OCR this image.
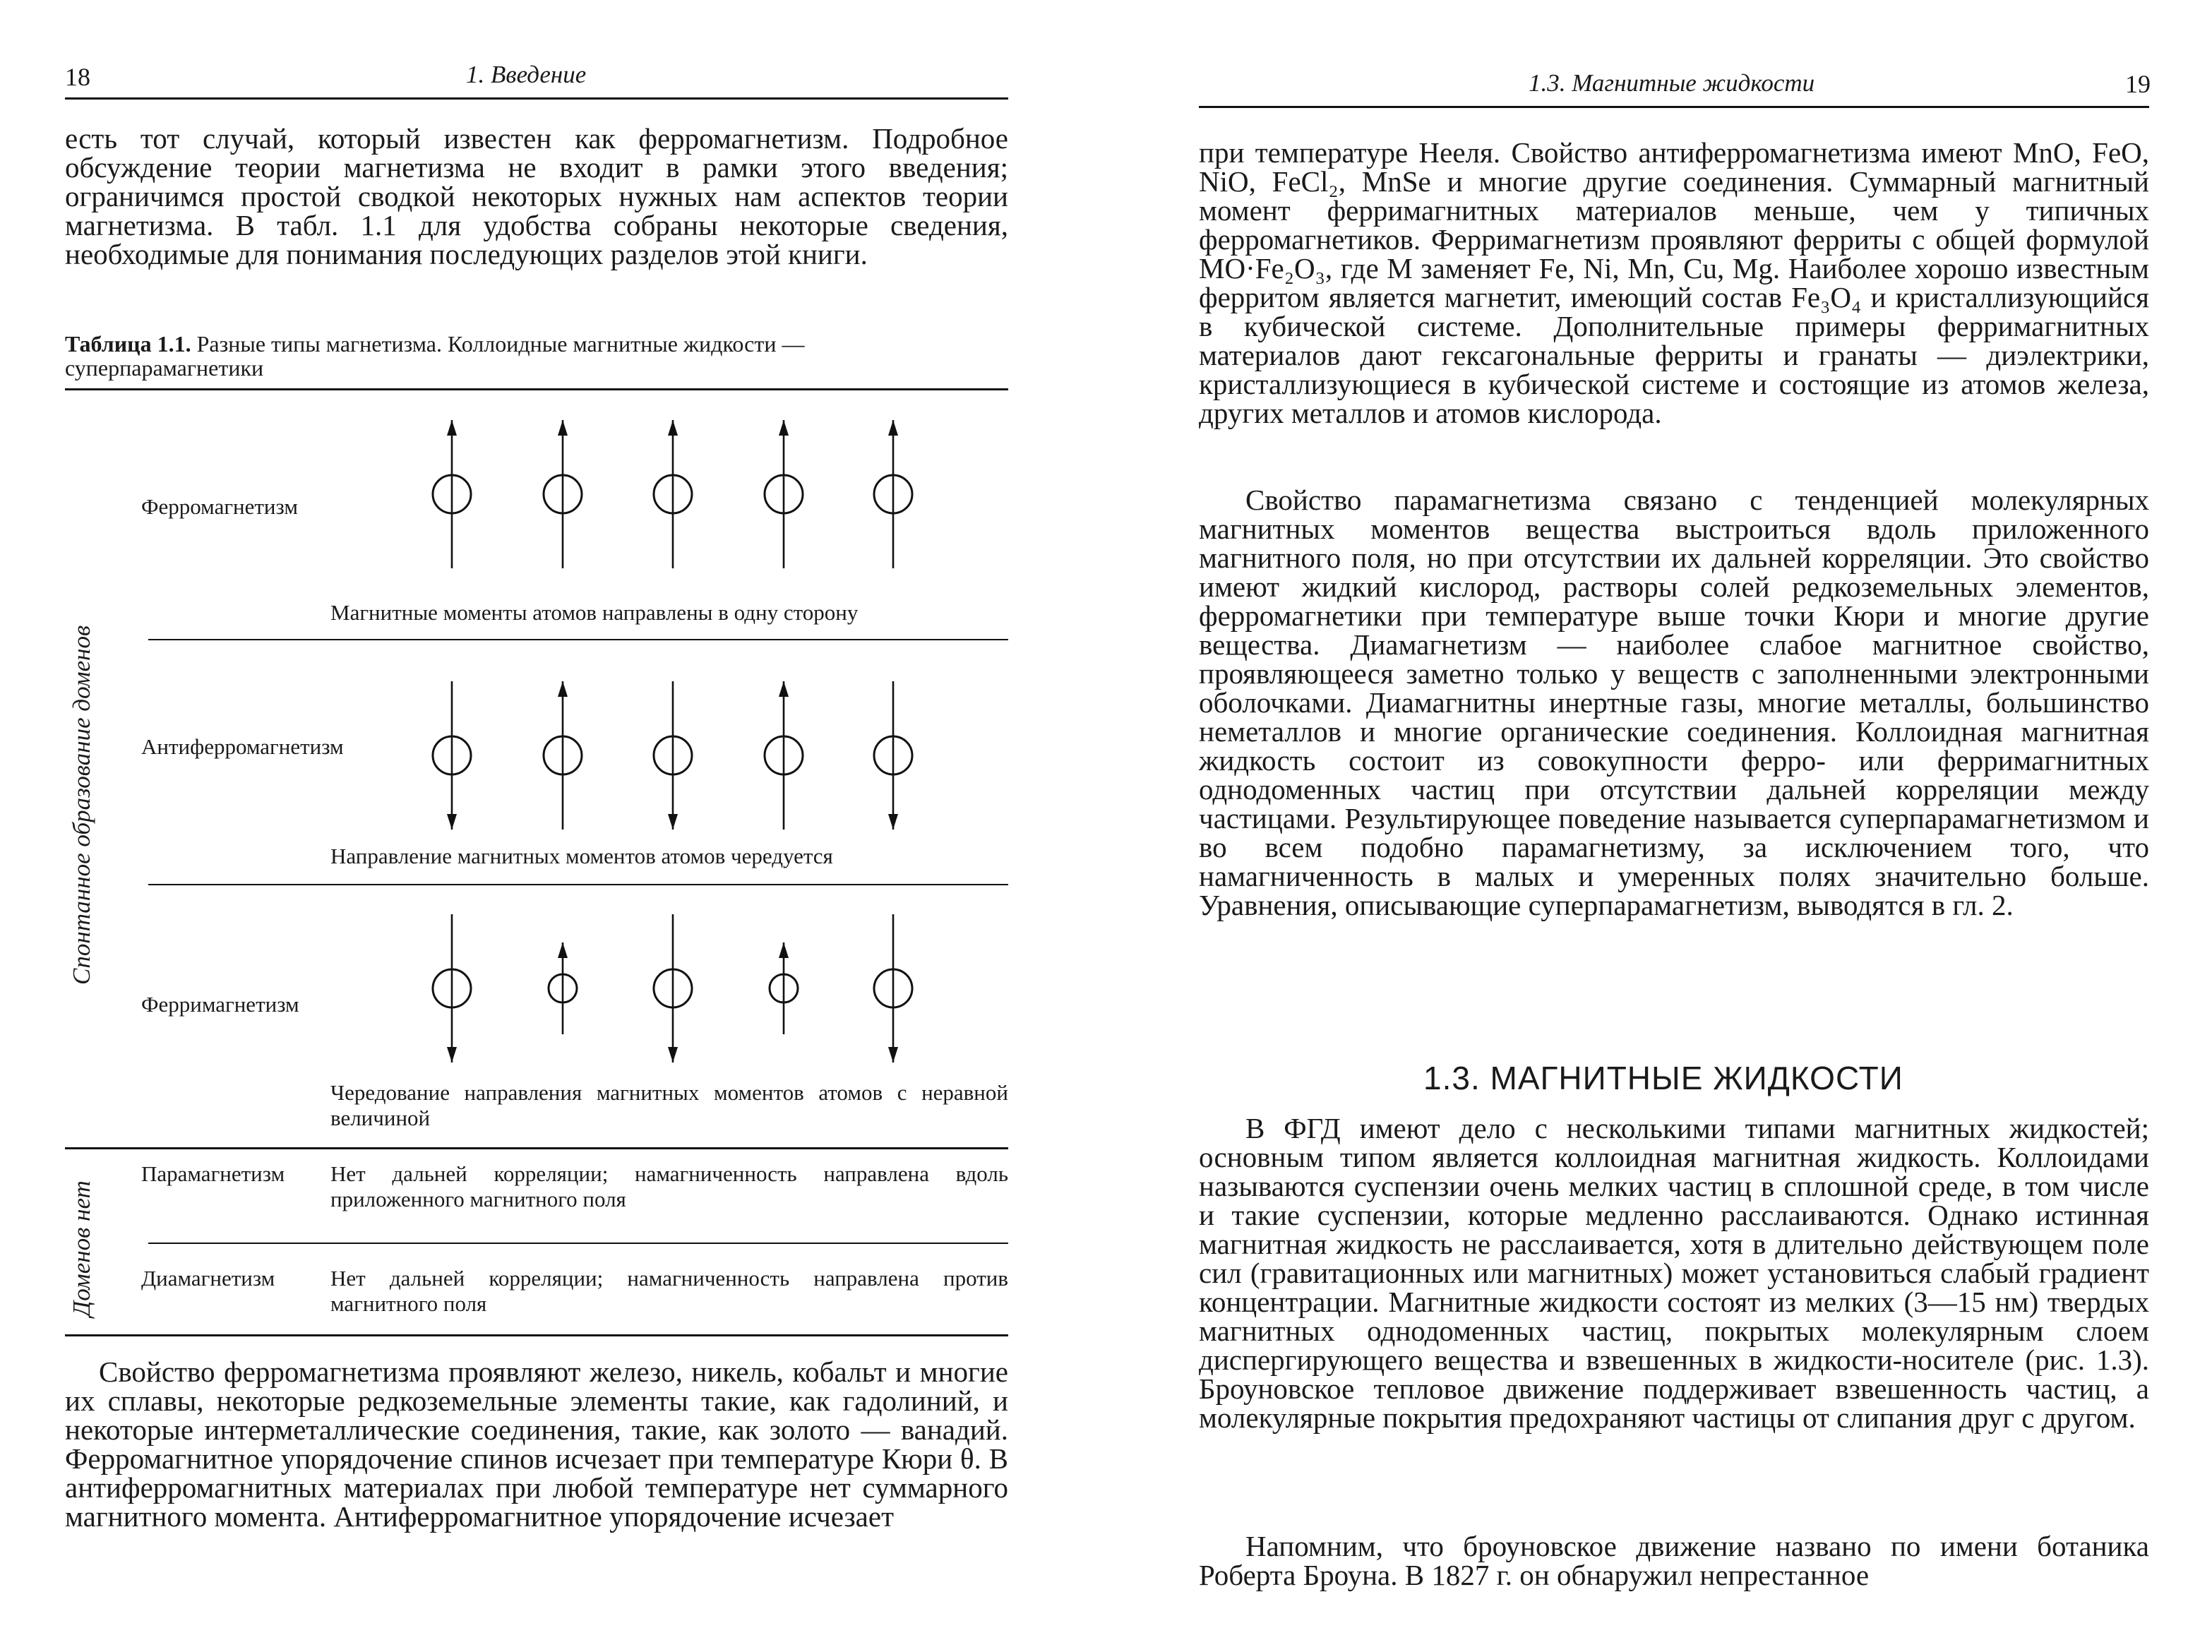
18	1. Введение

есть тот случай, который известен как ферромагнетизм. Подробное обсуждение теории магнетизма не входит в рамки этого введения; ограничимся простой сводкой некоторых нужных нам аспектов теории магнетизма. В табл. 1.1 для удобства собраны некоторые сведения, необходимые для понимания последующих разделов этой книги.

Таблица 1.1. Разные типы магнетизма. Коллоидные магнитные жидкости — суперпарамагнетики
Спонтанное образование доменов
Доменов нет
Ферромагнетизм
Антиферромагнетизм
Ферримагнетизм
Парамагнетизм
Диамагнетизм
Магнитные моменты атомов направлены в одну сторону
Направление магнитных моментов атомов чередуется
Чередование направления магнитных моментов атомов с неравной величиной
Нет дальней корреляции; намагниченность направлена вдоль приложенного магнитного поля
Нет дальней корреляции; намагниченность направлена против магнитного поля

Свойство ферромагнетизма проявляют железо, никель, кобальт и многие их сплавы, некоторые редкоземельные элементы такие, как гадолиний, и некоторые интерметаллические соединения, такие, как золото — ванадий. Ферромагнитное упорядочение спинов исчезает при температуре Кюри θ. В антиферромагнитных материалах при любой температуре нет суммарного магнитного момента. Антиферромагнитное упорядочение исчезает

1.3. Магнитные жидкости	19

при температуре Нееля. Свойство антиферромагнетизма имеют MnO, FeO, NiO, FeCl₂, MnSe и многие другие соединения. Суммарный магнитный момент ферримагнитных материалов меньше, чем у типичных ферромагнетиков. Ферримагнетизм проявляют ферриты с общей формулой MO·Fe₂O₃, где M заменяет Fe, Ni, Mn, Cu, Mg. Наиболее хорошо известным ферритом является магнетит, имеющий состав Fe₃O₄ и кристаллизующийся в кубической системе. Дополнительные примеры ферримагнитных материалов дают гексагональные ферриты и гранаты — диэлектрики, кристаллизующиеся в кубической системе и состоящие из атомов железа, других металлов и атомов кислорода.

Свойство парамагнетизма связано с тенденцией молекулярных магнитных моментов вещества выстроиться вдоль приложенного магнитного поля, но при отсутствии их дальней корреляции. Это свойство имеют жидкий кислород, растворы солей редкоземельных элементов, ферромагнетики при температуре выше точки Кюри и многие другие вещества. Диамагнетизм — наиболее слабое магнитное свойство, проявляющееся заметно только у веществ с заполненными электронными оболочками. Диамагнитны инертные газы, многие металлы, большинство неметаллов и многие органические соединения. Коллоидная магнитная жидкость состоит из совокупности ферро- или ферримагнитных однодоменных частиц при отсутствии дальней корреляции между частицами. Результирующее поведение называется суперпарамагнетизмом и во всем подобно парамагнетизму, за исключением того, что намагниченность в малых и умеренных полях значительно больше. Уравнения, описывающие суперпарамагнетизм, выводятся в гл. 2.

1.3. МАГНИТНЫЕ ЖИДКОСТИ

В ФГД имеют дело с несколькими типами магнитных жидкостей; основным типом является коллоидная магнитная жидкость. Коллоидами называются суспензии очень мелких частиц в сплошной среде, в том числе и такие суспензии, которые медленно расслаиваются. Однако истинная магнитная жидкость не расслаивается, хотя в длительно действующем поле сил (гравитационных или магнитных) может установиться слабый градиент концентрации. Магнитные жидкости состоят из мелких (3—15 нм) твердых магнитных однодоменных частиц, покрытых молекулярным слоем диспергирующего вещества и взвешенных в жидкости-носителе (рис. 1.3). Броуновское тепловое движение поддерживает взвешенность частиц, а молекулярные покрытия предохраняют частицы от слипания друг с другом.

Напомним, что броуновское движение названо по имени ботаника Роберта Броуна. В 1827 г. он обнаружил непрестанное
